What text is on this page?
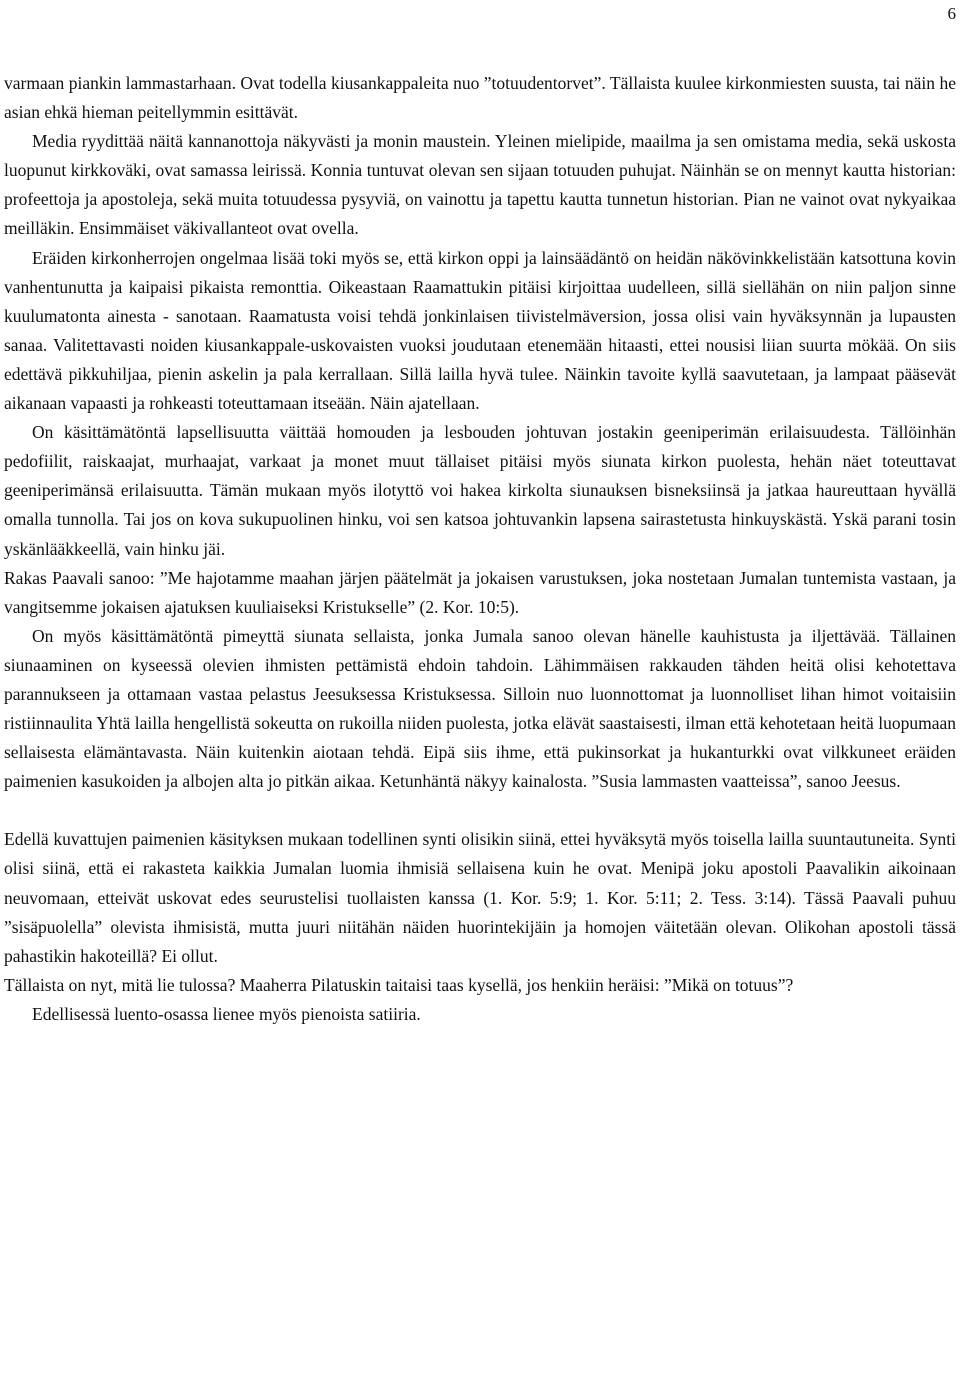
6

varmaan piankin lammastarhaan. Ovat todella kiusankappaleita nuo ”totuudentorvet”. Tällaista kuulee kirkonmiesten suusta, tai näin he asian ehkä hieman peitellymmin esittävät.

Media ryydittää näitä kannanottoja näkyvästi ja monin maustein. Yleinen mielipide, maailma ja sen omistama media, sekä uskosta luopunut kirkkoväki, ovat samassa leirissä. Konnia tuntuvat olevan sen sijaan totuuden puhujat. Näinhän se on mennyt kautta historian: profeettoja ja apostoleja, sekä muita totuudessa pysyviä, on vainottu ja tapettu kautta tunnetun historian. Pian ne vainot ovat nykyaikaa meilläkin. Ensimmäiset väkivallanteot ovat ovella.

Eräiden kirkonherrojen ongelmaa lisää toki myös se, että kirkon oppi ja lainsäädäntö on heidän näkövinkkelistään katsottuna kovin vanhentunutta ja kaipaisi pikaista remonttia. Oikeastaan Raamattukin pitäisi kirjoittaa uudelleen, sillä siellähän on niin paljon sinne kuulumatonta ainesta - sanotaan. Raamatusta voisi tehdä jonkinlaisen tiivistelmäversion, jossa olisi vain hyväksynnän ja lupausten sanaa. Valitettavasti noiden kiusankappale-uskovaisten vuoksi joudutaan etenemään hitaasti, ettei nousisi liian suurta mökää. On siis edettävä pikkuhiljaa, pienin askelin ja pala kerrallaan. Sillä lailla hyvä tulee. Näinkin tavoite kyllä saavutetaan, ja lampaat pääsevät aikanaan vapaasti ja rohkeasti toteuttamaan itseään. Näin ajatellaan.

On käsittämätöntä lapsellisuutta väittää homouden ja lesbouden johtuvan jostakin geeniperimän erilaisuudesta. Tällöinhän pedofiilit, raiskaajat, murhaajat, varkaat ja monet muut tällaiset pitäisi myös siunata kirkon puolesta, hehän näet toteuttavat geeniperimänsä erilaisuutta. Tämän mukaan myös ilotyttö voi hakea kirkolta siunauksen bisneksiinsä ja jatkaa haureuttaan hyvällä omalla tunnolla. Tai jos on kova sukupuolinen hinku, voi sen katsoa johtuvankin lapsena sairastetusta hinkuyskästä. Yskä parani tosin yskänlääkkeellä, vain hinku jäi.

Rakas Paavali sanoo: ”Me hajotamme maahan järjen päätelmät ja jokaisen varustuksen, joka nostetaan Jumalan tuntemista vastaan, ja vangitsemme jokaisen ajatuksen kuuliaiseksi Kristukselle” (2. Kor. 10:5).

On myös käsittämätöntä pimeyttä siunata sellaista, jonka Jumala sanoo olevan hänelle kauhistusta ja iljettävää. Tällainen siunaaminen on kyseessä olevien ihmisten pettämistä ehdoin tahdoin. Lähimmäisen rakkauden tähden heitä olisi kehotettava parannukseen ja ottamaan vastaa pelastus Jeesuksessa Kristuksessa. Silloin nuo luonnottomat ja luonnolliset lihan himot voitaisiin ristiinnaulita Yhtä lailla hengellistä sokeutta on rukoilla niiden puolesta, jotka elävät saastaisesti, ilman että kehotetaan heitä luopumaan sellaisesta elämäntavasta. Näin kuitenkin aiotaan tehdä. Eipä siis ihme, että pukinsorkat ja hukanturkki ovat vilkkuneet eräiden paimenien kasukoiden ja albojen alta jo pitkän aikaa. Ketunhäntä näkyy kainalosta. ”Susia lammasten vaatteissa”, sanoo Jeesus.

Edellä kuvattujen paimenien käsityksen mukaan todellinen synti olisikin siinä, ettei hyväksytä myös toisella lailla suuntautuneita. Synti olisi siinä, että ei rakasteta kaikkia Jumalan luomia ihmisiä sellaisena kuin he ovat. Menipä joku apostoli Paavalikin aikoinaan neuvomaan, etteivät uskovat edes seurustelisi tuollaisten kanssa (1. Kor. 5:9; 1. Kor. 5:11; 2. Tess. 3:14). Tässä Paavali puhuu ”sisäpuolella” olevista ihmisistä, mutta juuri niitähän näiden huorintekijäin ja homojen väitetään olevan. Olikohan apostoli tässä pahastikin hakoteillä? Ei ollut.

Tällaista on nyt, mitä lie tulossa? Maaherra Pilatuskin taitaisi taas kysellä, jos henkiin heräisi: ”Mikä on totuus”?

Edellisessä luento-osassa lienee myös pienoista satiiria.
